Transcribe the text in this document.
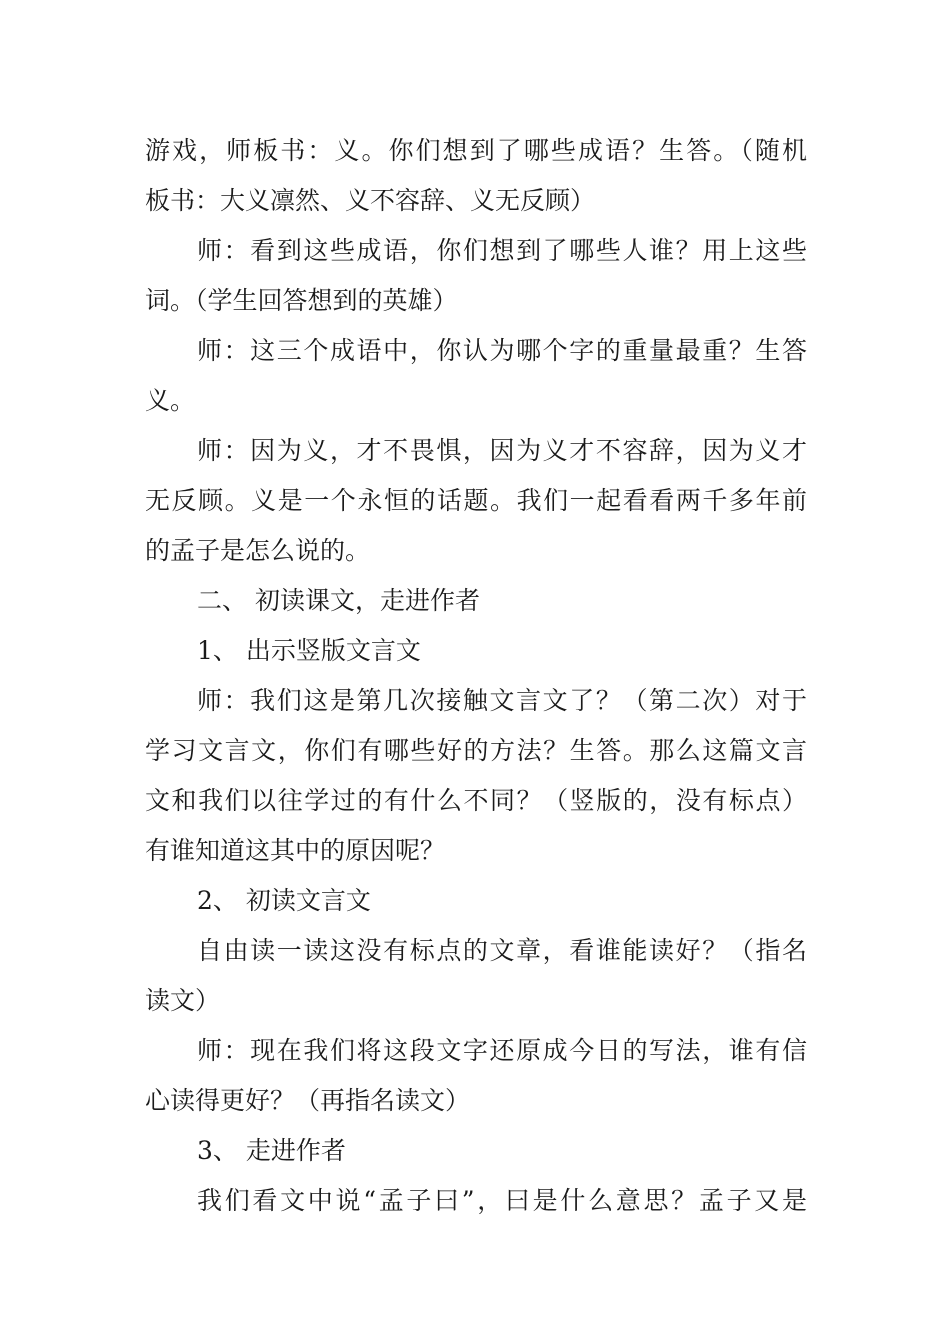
游戏，师板书：义。你们想到了哪些成语？生答。（随机
板书：大义凛然、义不容辞、义无反顾）
师：看到这些成语，你们想到了哪些人谁？用上这些
词。（学生回答想到的英雄）
师：这三个成语中，你认为哪个字的重量最重？生答
义。
师：因为义，才不畏惧，因为义才不容辞，因为义才
无反顾。义是一个永恒的话题。我们一起看看两千多年前
的孟子是怎么说的。
二、 初读课文，走进作者
1、 出示竖版文言文
师：我们这是第几次接触文言文了？（第二次）对于
学习文言文，你们有哪些好的方法？生答。那么这篇文言
文和我们以往学过的有什么不同？（竖版的，没有标点）
有谁知道这其中的原因呢？
2、 初读文言文
自由读一读这没有标点的文章，看谁能读好？（指名
读文）
师：现在我们将这段文字还原成今日的写法，谁有信
心读得更好？（再指名读文）
3、 走进作者
我们看文中说“孟子曰”，曰是什么意思？孟子又是
